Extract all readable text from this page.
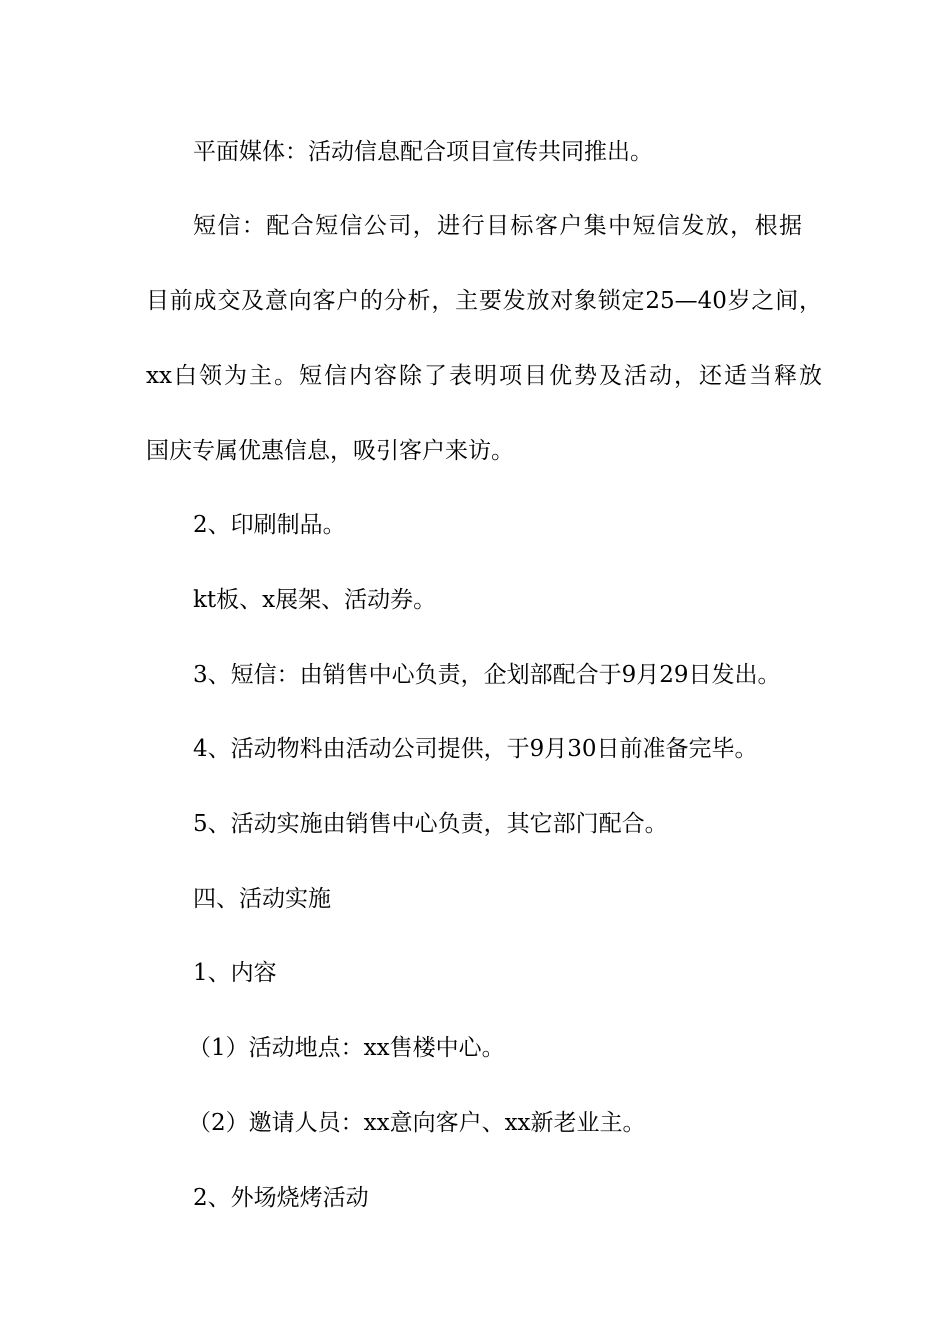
平面媒体：活动信息配合项目宣传共同推出。

短信：配合短信公司，进行目标客户集中短信发放，根据

目前成交及意向客户的分析，主要发放对象锁定25—40岁之间，

xx白领为主。短信内容除了表明项目优势及活动，还适当释放

国庆专属优惠信息，吸引客户来访。

2、印刷制品。

kt板、x展架、活动券。

3、短信：由销售中心负责，企划部配合于9月29日发出。

4、活动物料由活动公司提供，于9月30日前准备完毕。

5、活动实施由销售中心负责，其它部门配合。

四、活动实施

1、内容

（1）活动地点：xx售楼中心。

（2）邀请人员：xx意向客户、xx新老业主。

2、外场烧烤活动
